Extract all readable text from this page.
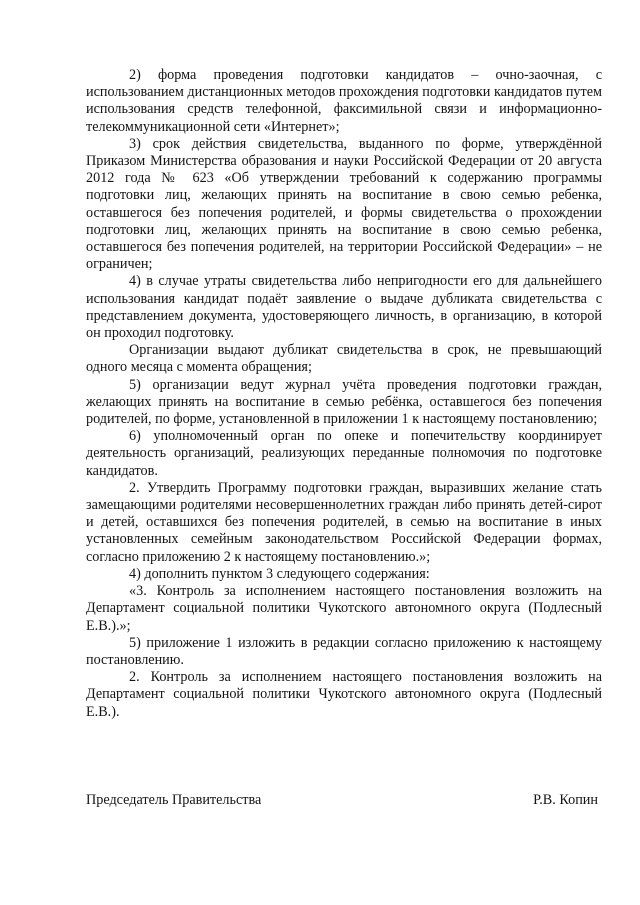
2) форма проведения подготовки кандидатов – очно-заочная, с использованием дистанционных методов прохождения подготовки кандидатов путем использования средств телефонной, факсимильной связи и информационно-телекоммуникационной сети «Интернет»;

3) срок действия свидетельства, выданного по форме, утверждённой Приказом Министерства образования и науки Российской Федерации от 20 августа 2012 года № 623 «Об утверждении требований к содержанию программы подготовки лиц, желающих принять на воспитание в свою семью ребенка, оставшегося без попечения родителей, и формы свидетельства о прохождении подготовки лиц, желающих принять на воспитание в свою семью ребенка, оставшегося без попечения родителей, на территории Российской Федерации» – не ограничен;

4) в случае утраты свидетельства либо непригодности его для дальнейшего использования кандидат подаёт заявление о выдаче дубликата свидетельства с представлением документа, удостоверяющего личность, в организацию, в которой он проходил подготовку.

Организации выдают дубликат свидетельства в срок, не превышающий одного месяца с момента обращения;

5) организации ведут журнал учёта проведения подготовки граждан, желающих принять на воспитание в семью ребёнка, оставшегося без попечения родителей, по форме, установленной в приложении 1 к настоящему постановлению;

6) уполномоченный орган по опеке и попечительству координирует деятельность организаций, реализующих переданные полномочия по подготовке кандидатов.

2. Утвердить Программу подготовки граждан, выразивших желание стать замещающими родителями несовершеннолетних граждан либо принять детей-сирот и детей, оставшихся без попечения родителей, в семью на воспитание в иных установленных семейным законодательством Российской Федерации формах, согласно приложению 2 к настоящему постановлению.»;

4) дополнить пунктом 3 следующего содержания:

«3. Контроль за исполнением настоящего постановления возложить на Департамент социальной политики Чукотского автономного округа (Подлесный Е.В.).»;

5) приложение 1 изложить в редакции согласно приложению к настоящему постановлению.

2. Контроль за исполнением настоящего постановления возложить на Департамент социальной политики Чукотского автономного округа (Подлесный Е.В.).

Председатель Правительства	Р.В. Копин
